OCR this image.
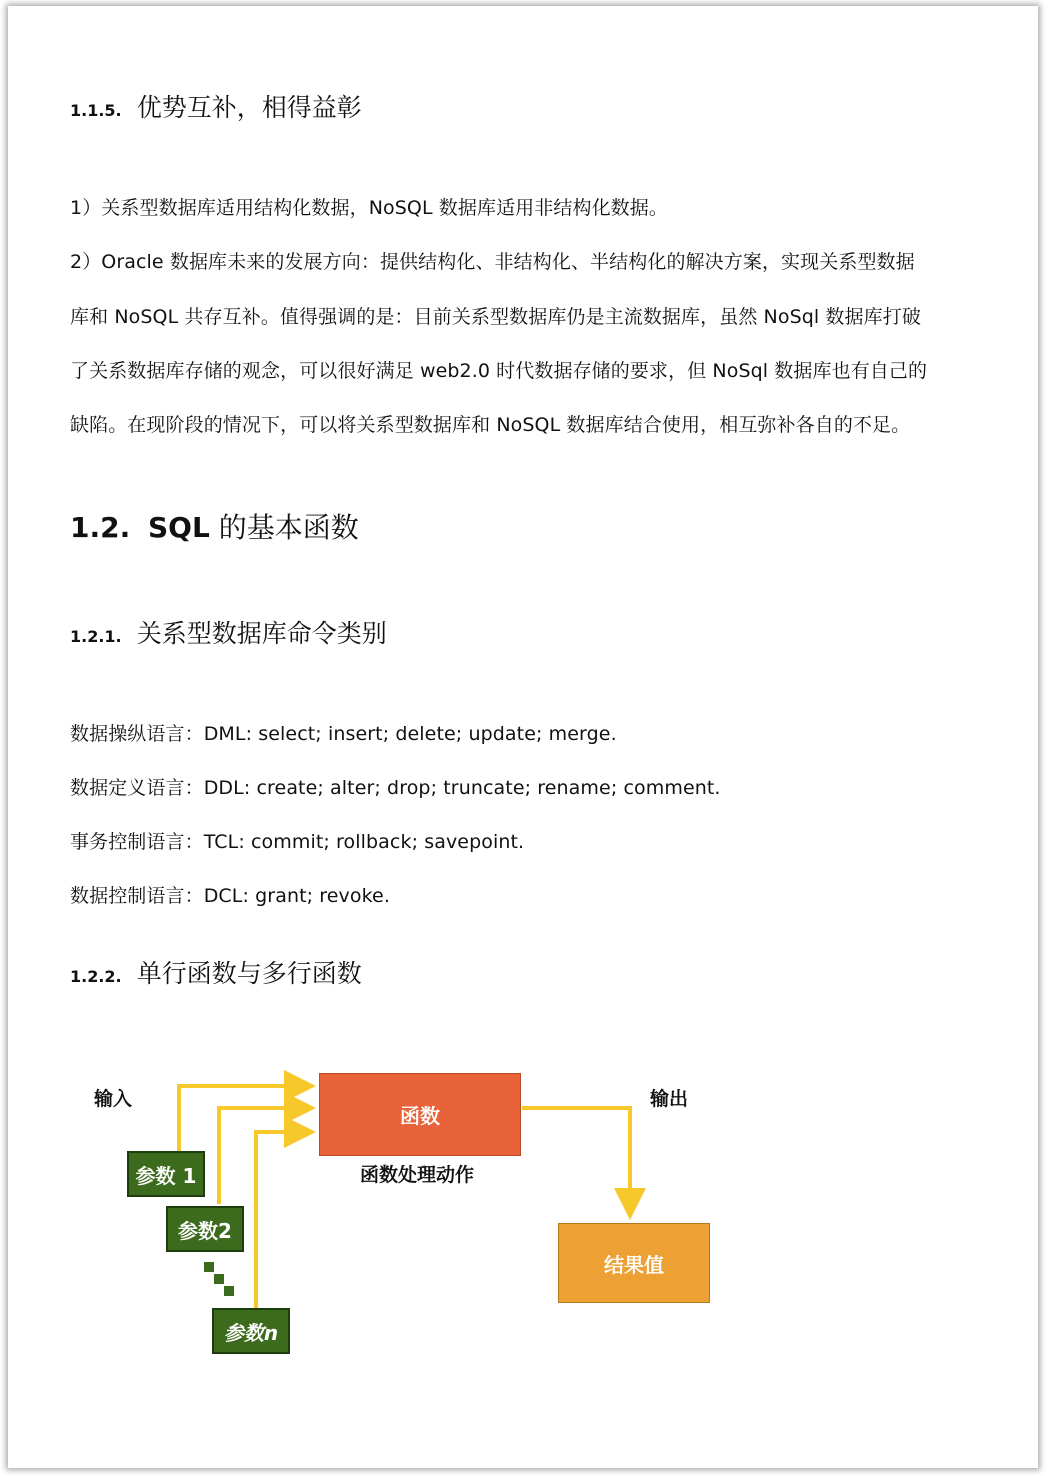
1.1.5. 优势互补，相得益彰
1）关系型数据库适用结构化数据，NoSQL 数据库适用非结构化数据。
2）Oracle 数据库未来的发展方向：提供结构化、非结构化、半结构化的解决方案，实现关系型数据
库和 NoSQL 共存互补。值得强调的是：目前关系型数据库仍是主流数据库，虽然 NoSql 数据库打破
了关系数据库存储的观念，可以很好满足 web2.0 时代数据存储的要求，但 NoSql 数据库也有自己的
缺陷。在现阶段的情况下，可以将关系型数据库和 NoSQL 数据库结合使用，相互弥补各自的不足。
1.2. SQL 的基本函数
1.2.1. 关系型数据库命令类别
数据操纵语言：DML: select; insert; delete; update; merge.
数据定义语言：DDL: create; alter; drop; truncate; rename; comment.
事务控制语言：TCL: commit; rollback; savepoint.
数据控制语言：DCL: grant; revoke.
1.2.2. 单行函数与多行函数
输入	输出
函数
函数处理动作
结果值
参数 1
参数2
参数n
